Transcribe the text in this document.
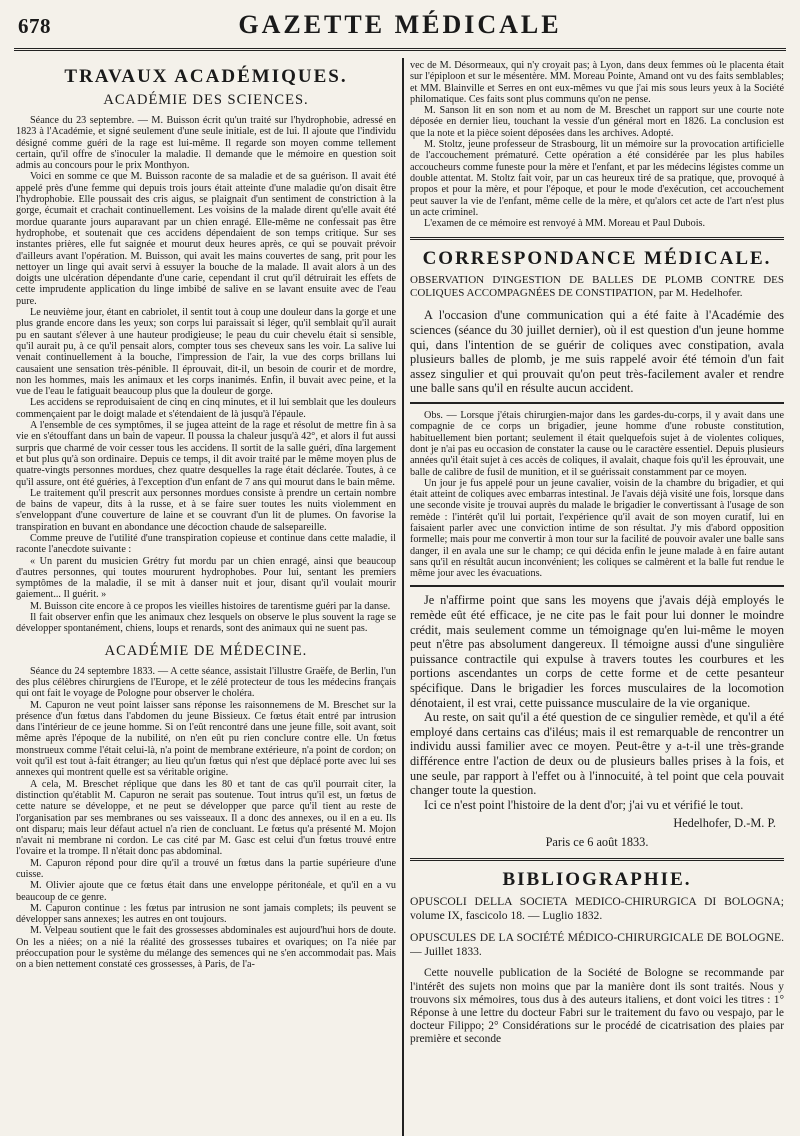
678	GAZETTE MÉDICALE
TRAVAUX ACADÉMIQUES.
ACADÉMIE DES SCIENCES.

Séance du 23 septembre. — M. Buisson écrit qu'un traité sur l'hydrophobie, adressé en 1823 à l'Académie, et signé seulement d'une seule initiale, est de lui. Il ajoute que l'individu désigné comme guéri de la rage est lui-même. Il regarde son moyen comme tellement certain, qu'il offre de s'inoculer la maladie. Il demande que le mémoire en question soit admis au concours pour le prix Monthyon.

Voici en somme ce que M. Buisson raconte de sa maladie et de sa guérison. Il avait été appelé près d'une femme qui depuis trois jours était atteinte d'une maladie qu'on disait être l'hydrophobie. Elle poussait des cris aigus, se plaignait d'un sentiment de constriction à la gorge, écumait et crachait continuellement. Les voisins de la malade dirent qu'elle avait été mordue quarante jours auparavant par un chien enragé. Elle-même ne confessait pas être hydrophobe, et soutenait que ces accidens dépendaient de son temps critique. Sur ses instantes prières, elle fut saignée et mourut deux heures après, ce qui se pouvait prévoir d'ailleurs avant l'opération. M. Buisson, qui avait les mains couvertes de sang, prit pour les nettoyer un linge qui avait servi à essuyer la bouche de la malade. Il avait alors à un des doigts une ulcération dépendante d'une carie, cependant il crut qu'il détruirait les effets de cette imprudente application du linge imbibé de salive en se lavant ensuite avec de l'eau pure.

Le neuvième jour, étant en cabriolet, il sentit tout à coup une douleur dans la gorge et une plus grande encore dans les yeux; son corps lui paraissait si léger, qu'il semblait qu'il aurait pu en sautant s'élever à une hauteur prodigieuse; le peau du cuir chevelu était si sensible, qu'il aurait pu, à ce qu'il pensait alors, compter tous ses cheveux sans les voir. La salive lui venait continuellement à la bouche, l'impression de l'air, la vue des corps brillans lui causaient une sensation très-pénible. Il éprouvait, dit-il, un besoin de courir et de mordre, non les hommes, mais les animaux et les corps inanimés. Enfin, il buvait avec peine, et la vue de l'eau le fatiguait beaucoup plus que la douleur de gorge.

Les accidens se reproduisaient de cinq en cinq minutes, et il lui semblait que les douleurs commençaient par le doigt malade et s'étendaient de là jusqu'à l'épaule.

A l'ensemble de ces symptômes, il se jugea atteint de la rage et résolut de mettre fin à sa vie en s'étouffant dans un bain de vapeur. Il poussa la chaleur jusqu'à 42°, et alors il fut aussi surpris que charmé de voir cesser tous les accidens. Il sortit de la salle guéri, dîna largement et but plus qu'à son ordinaire. Depuis ce temps, il dit avoir traité par le même moyen plus de quatre-vingts personnes mordues, chez quatre desquelles la rage était déclarée. Toutes, à ce qu'il assure, ont été guéries, à l'exception d'un enfant de 7 ans qui mourut dans le bain même.

Le traitement qu'il prescrit aux personnes mordues consiste à prendre un certain nombre de bains de vapeur, dits à la russe, et à se faire suer toutes les nuits violemment en s'enveloppant d'une couverture de laine et se couvrant d'un lit de plumes. On favorise la transpiration en buvant en abondance une décoction chaude de salsepareille.

Comme preuve de l'utilité d'une transpiration copieuse et continue dans cette maladie, il raconte l'anecdote suivante :

« Un parent du musicien Grétry fut mordu par un chien enragé, ainsi que beaucoup d'autres personnes, qui toutes moururent hydrophobes. Pour lui, sentant les premiers symptômes de la maladie, il se mit à danser nuit et jour, disant qu'il voulait mourir gaiement... Il guérit. »

M. Buisson cite encore à ce propos les vieilles histoires de tarentisme guéri par la danse.

Il fait observer enfin que les animaux chez lesquels on observe le plus souvent la rage se développer spontanément, chiens, loups et renards, sont des animaux qui ne suent pas.

ACADÉMIE DE MÉDECINE.

Séance du 24 septembre 1833. — A cette séance, assistait l'illustre Graëfe, de Berlin, l'un des plus célèbres chirurgiens de l'Europe, et le zélé protecteur de tous les médecins français qui ont fait le voyage de Pologne pour observer le choléra.

M. Capuron ne veut point laisser sans réponse les raisonnemens de M. Breschet sur la présence d'un fœtus dans l'abdomen du jeune Bissieux. Ce fœtus était entré par intrusion dans l'intérieur de ce jeune homme. Si on l'eût rencontré dans une jeune fille, soit avant, soit même après l'époque de la nubilité, on n'en eût pu rien conclure contre elle. Un fœtus monstrueux comme l'était celui-là, n'a point de membrane extérieure, n'a point de cordon; on voit qu'il est tout à-fait étranger; au lieu qu'un fœtus qui n'est que déplacé porte avec lui ses annexes qui montrent quelle est sa véritable origine.

A cela, M. Breschet réplique que dans les 80 et tant de cas qu'il pourrait citer, la distinction qu'établit M. Capuron ne serait pas soutenue. Tout intrus qu'il est, un fœtus de cette nature se développe, et ne peut se développer que parce qu'il tient au reste de l'organisation par ses membranes ou ses vaisseaux. Il a donc des annexes, ou il en a eu. Ils ont disparu; mais leur défaut actuel n'a rien de concluant. Le fœtus qu'a présenté M. Mojon n'avait ni membrane ni cordon. Le cas cité par M. Gasc est celui d'un fœtus trouvé entre l'ovaire et la trompe. Il n'était donc pas abdominal.

M. Capuron répond pour dire qu'il a trouvé un fœtus dans la partie supérieure d'une cuisse.

M. Olivier ajoute que ce fœtus était dans une enveloppe péritonéale, et qu'il en a vu beaucoup de ce genre.

M. Capuron continue : les fœtus par intrusion ne sont jamais complets; ils peuvent se développer sans annexes; les autres en ont toujours.

M. Velpeau soutient que le fait des grossesses abdominales est aujourd'hui hors de doute. On les a niées; on a nié la réalité des grossesses tubaires et ovariques; on l'a niée par préoccupation pour le système du mélange des semences qui ne s'en accommodait pas. Mais on a bien nettement constaté ces grossesses, à Paris, de l'a-

vec de M. Désormeaux, qui n'y croyait pas; à Lyon, dans deux femmes où le placenta était sur l'épiploon et sur le mésentère. MM. Moreau Pointe, Amand ont vu des faits semblables; et MM. Blainville et Serres en ont eux-mêmes vu que j'ai mis sous leurs yeux à la Société philomatique. Ces faits sont plus communs qu'on ne pense.

M. Sanson lit en son nom et au nom de M. Breschet un rapport sur une courte note déposée en dernier lieu, touchant la vessie d'un général mort en 1826. La conclusion est que la note et la pièce soient déposées dans les archives. Adopté.

M. Stoltz, jeune professeur de Strasbourg, lit un mémoire sur la provocation artificielle de l'accouchement prématuré. Cette opération a été considérée par les plus habiles accoucheurs comme funeste pour la mère et l'enfant, et par les médecins légistes comme un double attentat. M. Stoltz fait voir, par un cas heureux tiré de sa pratique, que, provoqué à propos et pour la mère, et pour l'époque, et pour le mode d'exécution, cet accouchement peut sauver la vie de l'enfant, même celle de la mère, et qu'alors cet acte de l'art n'est plus un acte criminel.

L'examen de ce mémoire est renvoyé à MM. Moreau et Paul Dubois.

CORRESPONDANCE MÉDICALE.
OBSERVATION D'INGESTION DE BALLES DE PLOMB CONTRE DES COLIQUES ACCOMPAGNÉES DE CONSTIPATION, par M. Hedelhofer.

A l'occasion d'une communication qui a été faite à l'Académie des sciences (séance du 30 juillet dernier), où il est question d'un jeune homme qui, dans l'intention de se guérir de coliques avec constipation, avala plusieurs balles de plomb, je me suis rappelé avoir été témoin d'un fait assez singulier et qui prouvait qu'on peut très-facilement avaler et rendre une balle sans qu'il en résulte aucun accident.

Obs. — Lorsque j'étais chirurgien-major dans les gardes-du-corps, il y avait dans une compagnie de ce corps un brigadier, jeune homme d'une robuste constitution, habituellement bien portant; seulement il était quelquefois sujet à de violentes coliques, dont je n'ai pas eu occasion de constater la cause ou le caractère essentiel. Depuis plusieurs années qu'il était sujet à ces accès de coliques, il avalait, chaque fois qu'il les éprouvait, une balle de calibre de fusil de munition, et il se guérissait constamment par ce moyen.

Un jour je fus appelé pour un jeune cavalier, voisin de la chambre du brigadier, et qui était atteint de coliques avec embarras intestinal. Je l'avais déjà visité une fois, lorsque dans une seconde visite je trouvai auprès du malade le brigadier le convertissant à l'usage de son remède : l'intérêt qu'il lui portait, l'expérience qu'il avait de son moyen curatif, lui en faisaient parler avec une conviction intime de son résultat. J'y mis d'abord opposition formelle; mais pour me convertir à mon tour sur la facilité de pouvoir avaler une balle sans danger, il en avala une sur le champ; ce qui décida enfin le jeune malade à en faire autant sans qu'il en résultât aucun inconvénient; les coliques se calmèrent et la balle fut rendue le même jour avec les évacuations.

Je n'affirme point que sans les moyens que j'avais déjà employés le remède eût été efficace, je ne cite pas le fait pour lui donner le moindre crédit, mais seulement comme un témoignage qu'en lui-même le moyen peut n'être pas absolument dangereux. Il témoigne aussi d'une singulière puissance contractile qui expulse à travers toutes les courbures et les portions ascendantes un corps de cette forme et de cette pesanteur spécifique. Dans le brigadier les forces musculaires de la locomotion dénotaient, il est vrai, cette puissance musculaire de la vie organique.

Au reste, on sait qu'il a été question de ce singulier remède, et qu'il a été employé dans certains cas d'iléus; mais il est remarquable de rencontrer un individu aussi familier avec ce moyen. Peut-être y a-t-il une très-grande différence entre l'action de deux ou de plusieurs balles prises à la fois, et une seule, par rapport à l'effet ou à l'innocuité, à tel point que cela pouvait changer toute la question.

Ici ce n'est point l'histoire de la dent d'or; j'ai vu et vérifié le tout.

Hedelhofer, D.-M. P.
Paris ce 6 août 1833.
BIBLIOGRAPHIE.
OPUSCOLI DELLA SOCIETA MEDICO-CHIRURGICA DI BOLOGNA; volume IX, fascicolo 18. — Luglio 1832.
OPUSCULES DE LA SOCIÉTÉ MÉDICO-CHIRURGICALE DE BOLOGNE. — Juillet 1833.

Cette nouvelle publication de la Société de Bologne se recommande par l'intérêt des sujets non moins que par la manière dont ils sont traités. Nous y trouvons six mémoires, tous dus à des auteurs italiens, et dont voici les titres : 1° Réponse à une lettre du docteur Fabri sur le traitement du favo ou vespajo, par le docteur Filippo; 2° Considérations sur le procédé de cicatrisation des plaies par première et seconde
